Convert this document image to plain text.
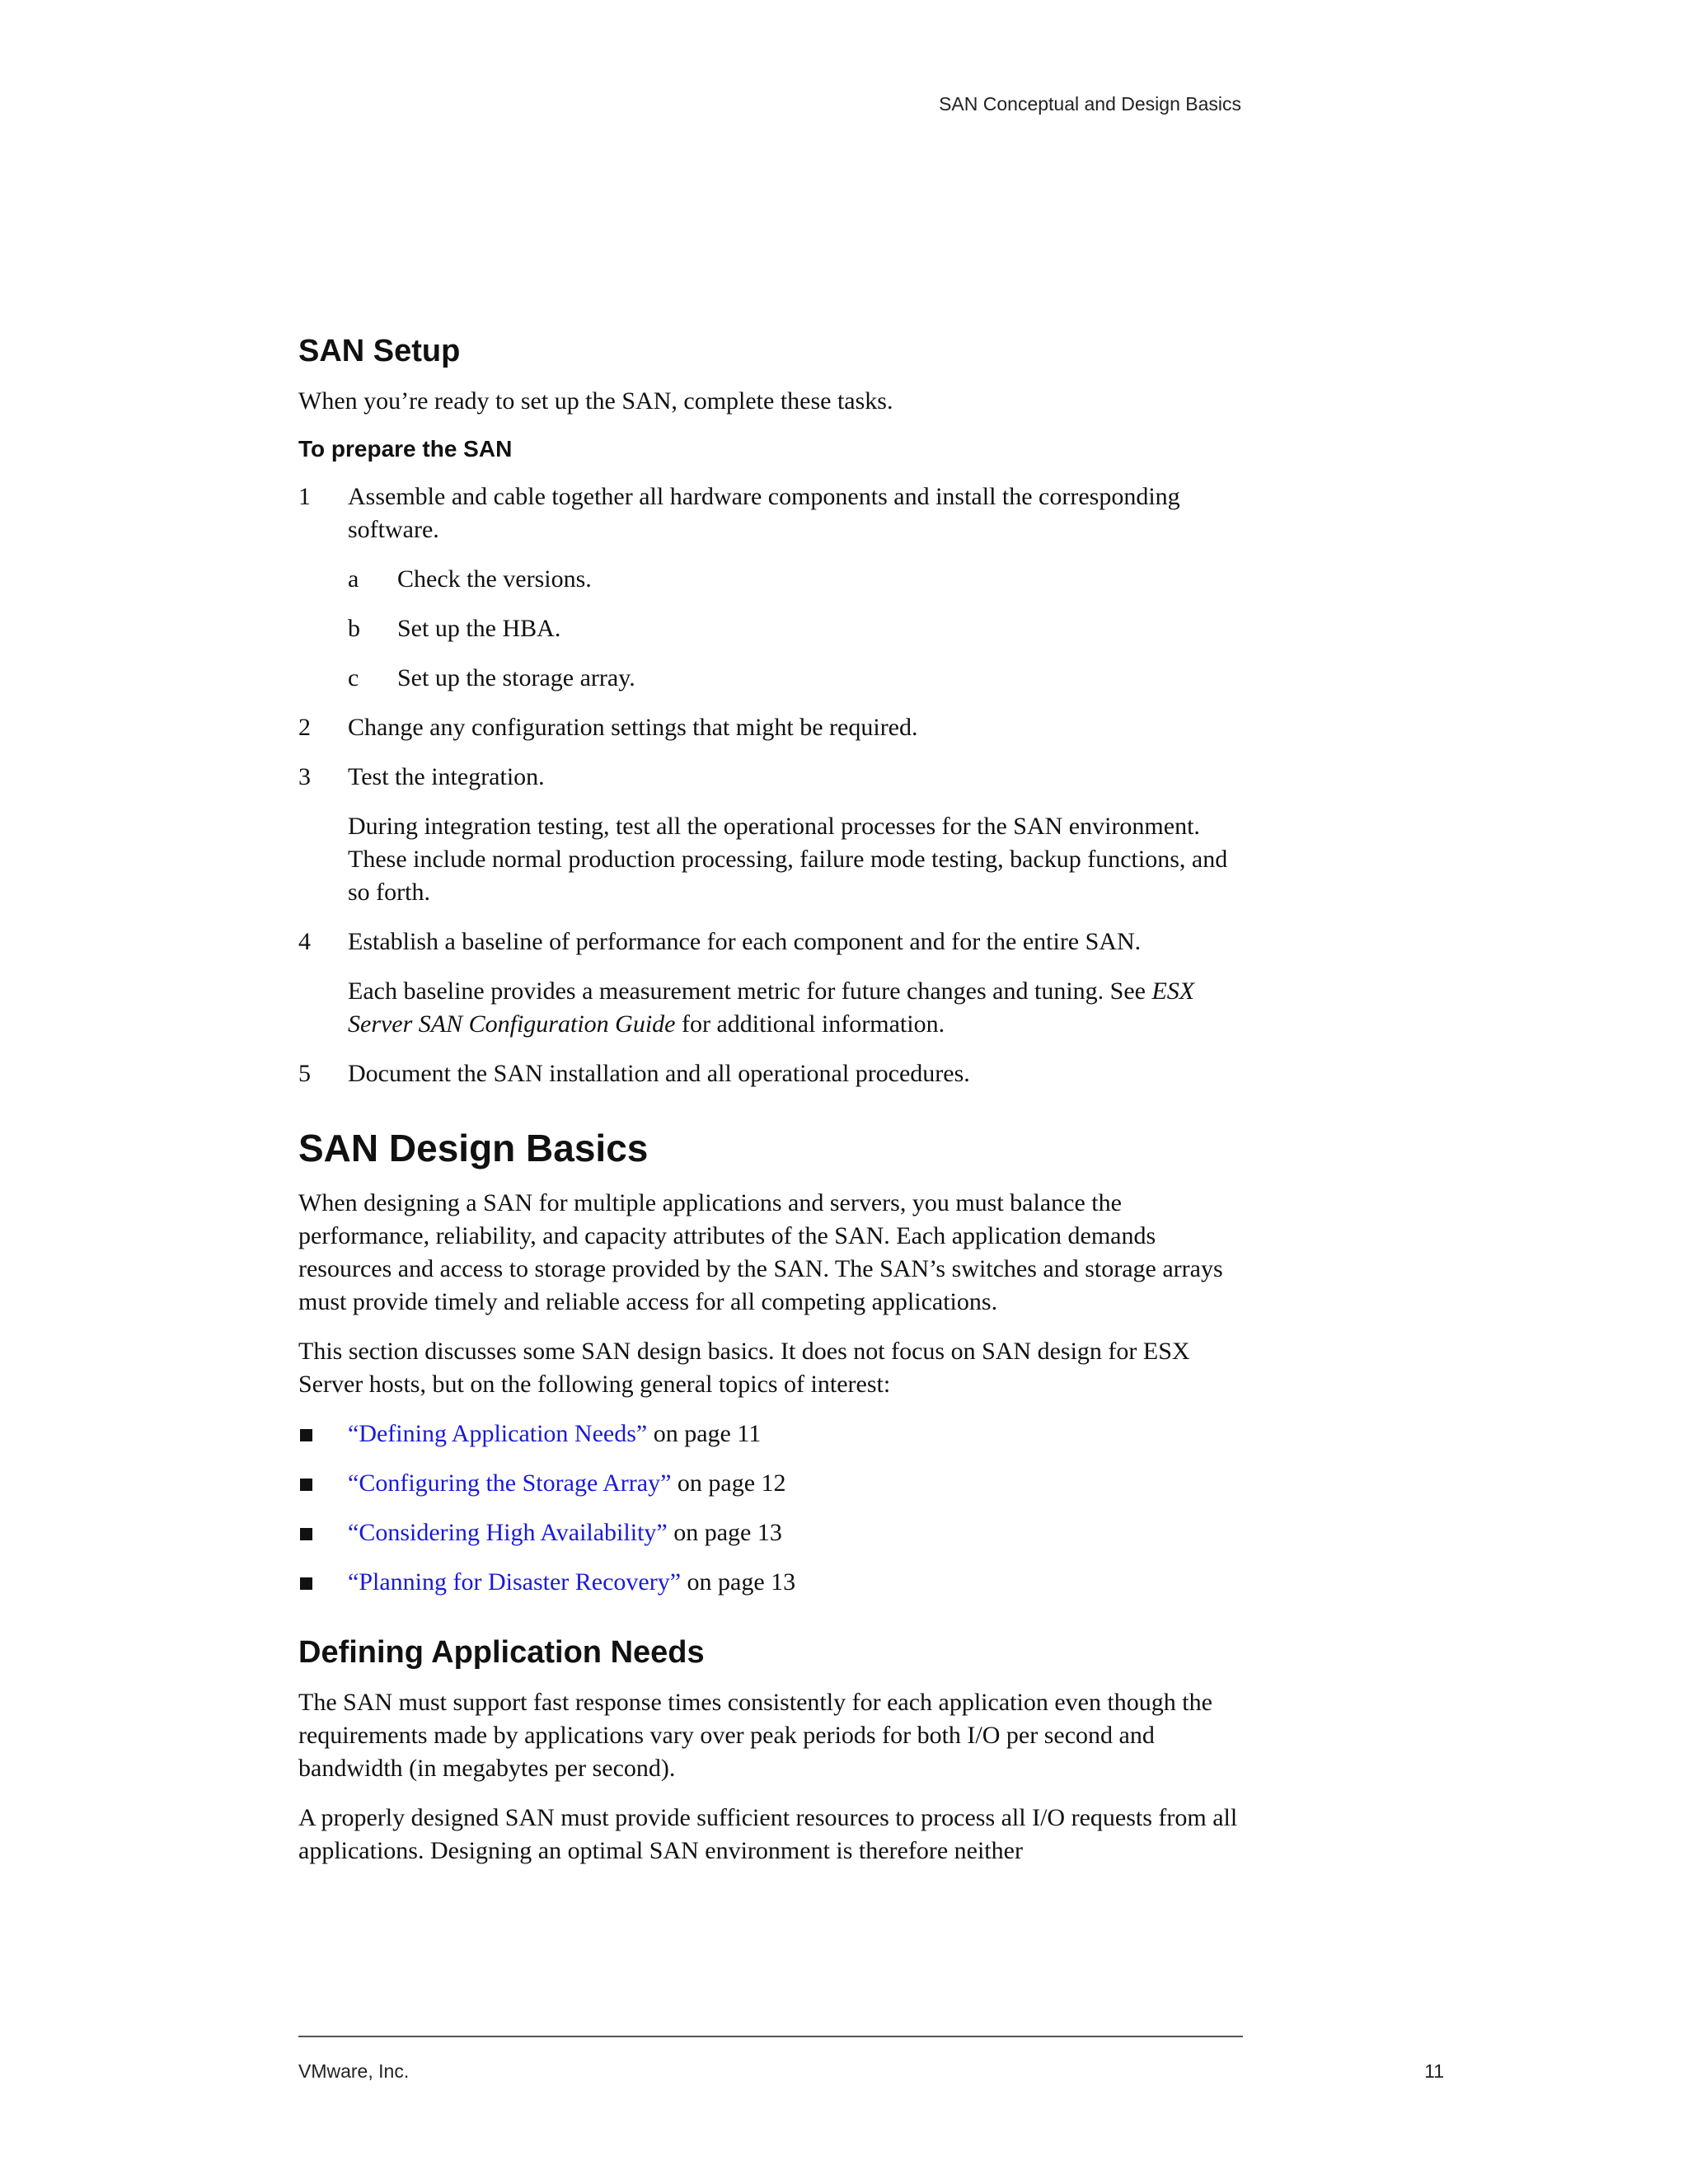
SAN Conceptual and Design Basics
SAN Setup
When you’re ready to set up the SAN, complete these tasks.
To prepare the SAN
1	Assemble and cable together all hardware components and install the corresponding software.
a	Check the versions.
b	Set up the HBA.
c	Set up the storage array.
2	Change any configuration settings that might be required.
3	Test the integration.
During integration testing, test all the operational processes for the SAN environment. These include normal production processing, failure mode testing, backup functions, and so forth.
4	Establish a baseline of performance for each component and for the entire SAN.
Each baseline provides a measurement metric for future changes and tuning. See ESX Server SAN Configuration Guide for additional information.
5	Document the SAN installation and all operational procedures.
SAN Design Basics
When designing a SAN for multiple applications and servers, you must balance the performance, reliability, and capacity attributes of the SAN. Each application demands resources and access to storage provided by the SAN. The SAN’s switches and storage arrays must provide timely and reliable access for all competing applications.
This section discusses some SAN design basics. It does not focus on SAN design for ESX Server hosts, but on the following general topics of interest:
“Defining Application Needs” on page 11
“Configuring the Storage Array” on page 12
“Considering High Availability” on page 13
“Planning for Disaster Recovery” on page 13
Defining Application Needs
The SAN must support fast response times consistently for each application even though the requirements made by applications vary over peak periods for both I/O per second and bandwidth (in megabytes per second).
A properly designed SAN must provide sufficient resources to process all I/O requests from all applications. Designing an optimal SAN environment is therefore neither
VMware, Inc.	11
